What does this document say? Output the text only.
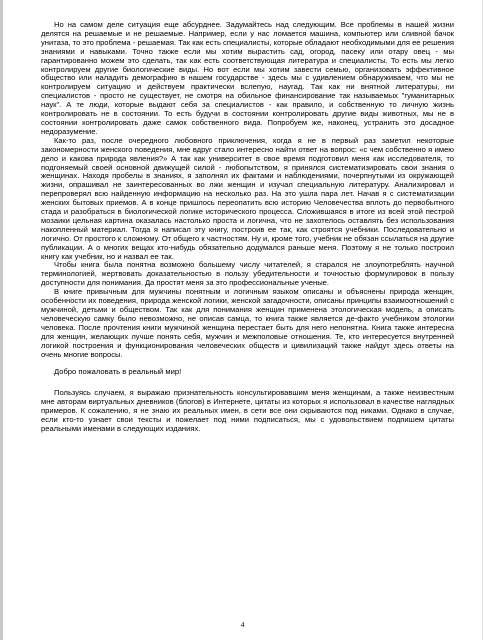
Но на самом деле ситуация еще абсурднее. Задумайтесь над следующим. Все проблемы в нашей жизни делятся на решаемые и не решаемые. Например, если у нас ломается машина, компьютер или сливной бачок унитаза, то это проблема - решаемая. Так как есть специалисты, которые обладают необходимыми для ее решения знаниями и навыками. Точно также если мы хотим вырастить сад, огород, пасеку или отару овец - мы гарантированно можем это сделать, так как есть соответствующая литература и специалисты. То есть мы легко контролируем другие биологические виды. Но вот если мы хотим завести семью, организовать эффективное общество или наладить демографию в нашем государстве - здесь мы с удивлением обнаруживаем, что мы не контролируем ситуацию и действуем практически вслепую, наугад. Так как ни внятной литературы, ни специалистов - просто не существует, не смотря на обильное финансирование так называемых "гуманитарных наук". А те люди, которые выдают себя за специалистов - как правило, и собственную то личную жизнь контролировать не в состоянии. То есть будучи в состоянии контролировать другие виды животных, мы не в состоянии контролировать даже самок собственного вида. Попробуем же, наконец, устранить это досадное недоразумение.

Как-то раз, после очередного любовного приключения, когда я не в первый раз заметил некоторые закономерности женского поведения, мне вдруг стало интересно найти ответ на вопрос: «с чем собственно я имею дело и какова природа явления?» А так как университет в свое время подготовил меня как исследователя, то подгоняемый своей основной движущей силой - любопытством, я принялся систематизировать свои знания о женщинах. Находя пробелы в знаниях, я заполнял их фактами и наблюдениями, почерпнутыми из окружающей жизни, опрашивал не заинтересованных во лжи женщин и изучал специальную литературу. Анализировал и перепроверял всю найденную информацию на несколько раз. На это ушла пара лет. Начав я с систематизации женских бытовых приемов. А в конце пришлось переопатить всю историю Человечества вплоть до первобытного стада и разобраться в биологической логике исторического процесса. Сложившаяся в итоге из всей этой пестрой мозаики цельная картина оказалась настолько проста и логична, что не захотелось оставлять без использования накопленный материал. Тогда я написал эту книгу, построив ее так, как строятся учебники. Последовательно и логично. От простого к сложному. От общего к частностям. Ну и, кроме того, учебник не обязан ссылаться на другие публикации. А о многих вещах кто-нибудь обязательно додумался раньше меня. Поэтому я не только построил книгу как учебник, но и назвал ее так.

Чтобы книга была понятна возможно большему числу читателей, я старался не злоупотреблять научной терминологией, жертвовать доказательностью в пользу убедительности и точностью формулировок в пользу доступности для понимания. Да простят меня за это профессиональные ученые.

В книге привычным для мужчины понятным и логичным языком описаны и объяснены природа женщин, особенности их поведения, природа женской логики, женской загадочности, описаны принципы взаимоотношений с мужчиной, детьми и обществом. Так как для понимания женщин применена этологическая модель, а описать человеческую самку было невозможно, не описав самца, то книга также является де-факто учебником этологии человека. После прочтения книги мужчиной женщина перестает быть для него непонятна. Книга также интересна для женщин, желающих лучше понять себя, мужчин и межполовые отношения. Те, кто интересуется внутренней логикой построения и функционирования человеческих обществ и цивилизаций также найдут здесь ответы на очень многие вопросы.

Добро пожаловать в реальный мир!

Пользуясь случаем, я выражаю признательность консультировавшим меня женщинам, а также неизвестным мне авторам виртуальных дневников (блогов) в Интернете, цитаты из которых я использовал в качестве наглядных примеров. К сожалению, я не знаю их реальных имен, в сети все они скрываются под никами. Однако в случае, если кто-то узнает свои тексты и пожелает под ними подписаться, мы с удовольствием подпишем цитаты реальными именами в следующих изданиях.

4
